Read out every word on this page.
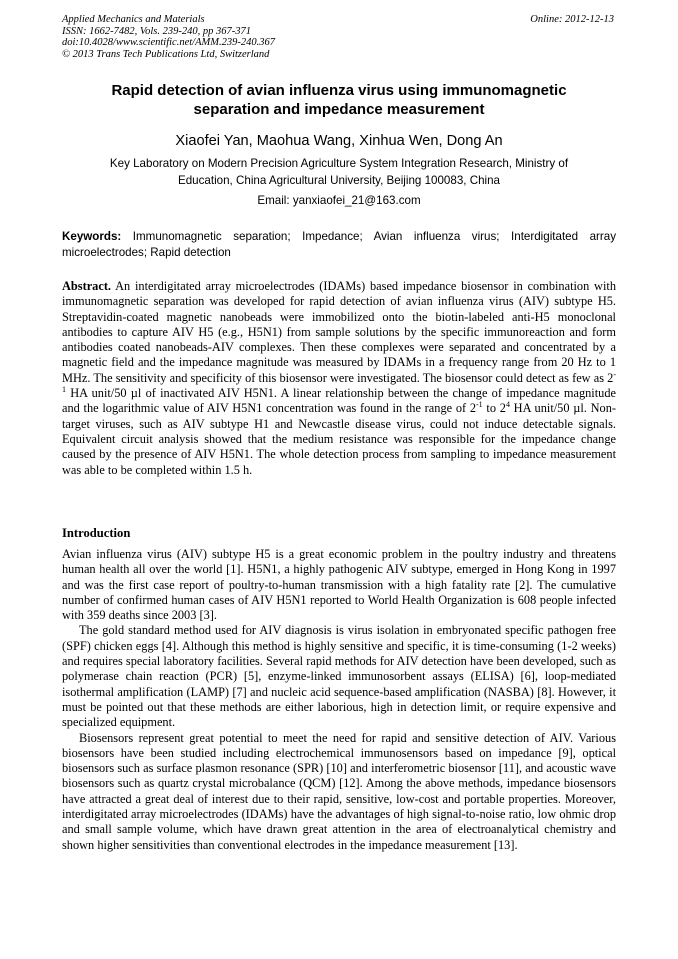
Applied Mechanics and Materials
ISSN: 1662-7482, Vols. 239-240, pp 367-371
doi:10.4028/www.scientific.net/AMM.239-240.367
© 2013 Trans Tech Publications Ltd, Switzerland
Online: 2012-12-13
Rapid detection of avian influenza virus using immunomagnetic
separation and impedance measurement
Xiaofei Yan, Maohua Wang, Xinhua Wen, Dong An
Key Laboratory on Modern Precision Agriculture System Integration Research, Ministry of
Education, China Agricultural University, Beijing 100083, China
Email: yanxiaofei_21@163.com
Keywords: Immunomagnetic separation; Impedance; Avian influenza virus; Interdigitated array microelectrodes; Rapid detection
Abstract. An interdigitated array microelectrodes (IDAMs) based impedance biosensor in combination with immunomagnetic separation was developed for rapid detection of avian influenza virus (AIV) subtype H5. Streptavidin-coated magnetic nanobeads were immobilized onto the biotin-labeled anti-H5 monoclonal antibodies to capture AIV H5 (e.g., H5N1) from sample solutions by the specific immunoreaction and form antibodies coated nanobeads-AIV complexes. Then these complexes were separated and concentrated by a magnetic field and the impedance magnitude was measured by IDAMs in a frequency range from 20 Hz to 1 MHz. The sensitivity and specificity of this biosensor were investigated. The biosensor could detect as few as $2^{-1}$ HA unit/50 µl of inactivated AIV H5N1. A linear relationship between the change of impedance magnitude and the logarithmic value of AIV H5N1 concentration was found in the range of $2^{-1}$ to $2^4$ HA unit/50 µl. Non-target viruses, such as AIV subtype H1 and Newcastle disease virus, could not induce detectable signals. Equivalent circuit analysis showed that the medium resistance was responsible for the impedance change caused by the presence of AIV H5N1. The whole detection process from sampling to impedance measurement was able to be completed within 1.5 h.
Introduction

Avian influenza virus (AIV) subtype H5 is a great economic problem in the poultry industry and threatens human health all over the world [1]. H5N1, a highly pathogenic AIV subtype, emerged in Hong Kong in 1997 and was the first case report of poultry-to-human transmission with a high fatality rate [2]. The cumulative number of confirmed human cases of AIV H5N1 reported to World Health Organization is 608 people infected with 359 deaths since 2003 [3].

The gold standard method used for AIV diagnosis is virus isolation in embryonated specific pathogen free (SPF) chicken eggs [4]. Although this method is highly sensitive and specific, it is time-consuming (1-2 weeks) and requires special laboratory facilities. Several rapid methods for AIV detection have been developed, such as polymerase chain reaction (PCR) [5], enzyme-linked immunosorbent assays (ELISA) [6], loop-mediated isothermal amplification (LAMP) [7] and nucleic acid sequence-based amplification (NASBA) [8]. However, it must be pointed out that these methods are either laborious, high in detection limit, or require expensive and specialized equipment.

Biosensors represent great potential to meet the need for rapid and sensitive detection of AIV. Various biosensors have been studied including electrochemical immunosensors based on impedance [9], optical biosensors such as surface plasmon resonance (SPR) [10] and interferometric biosensor [11], and acoustic wave biosensors such as quartz crystal microbalance (QCM) [12]. Among the above methods, impedance biosensors have attracted a great deal of interest due to their rapid, sensitive, low-cost and portable properties. Moreover, interdigitated array microelectrodes (IDAMs) have the advantages of high signal-to-noise ratio, low ohmic drop and small sample volume, which have drawn great attention in the area of electroanalytical chemistry and shown higher sensitivities than conventional electrodes in the impedance measurement [13].
